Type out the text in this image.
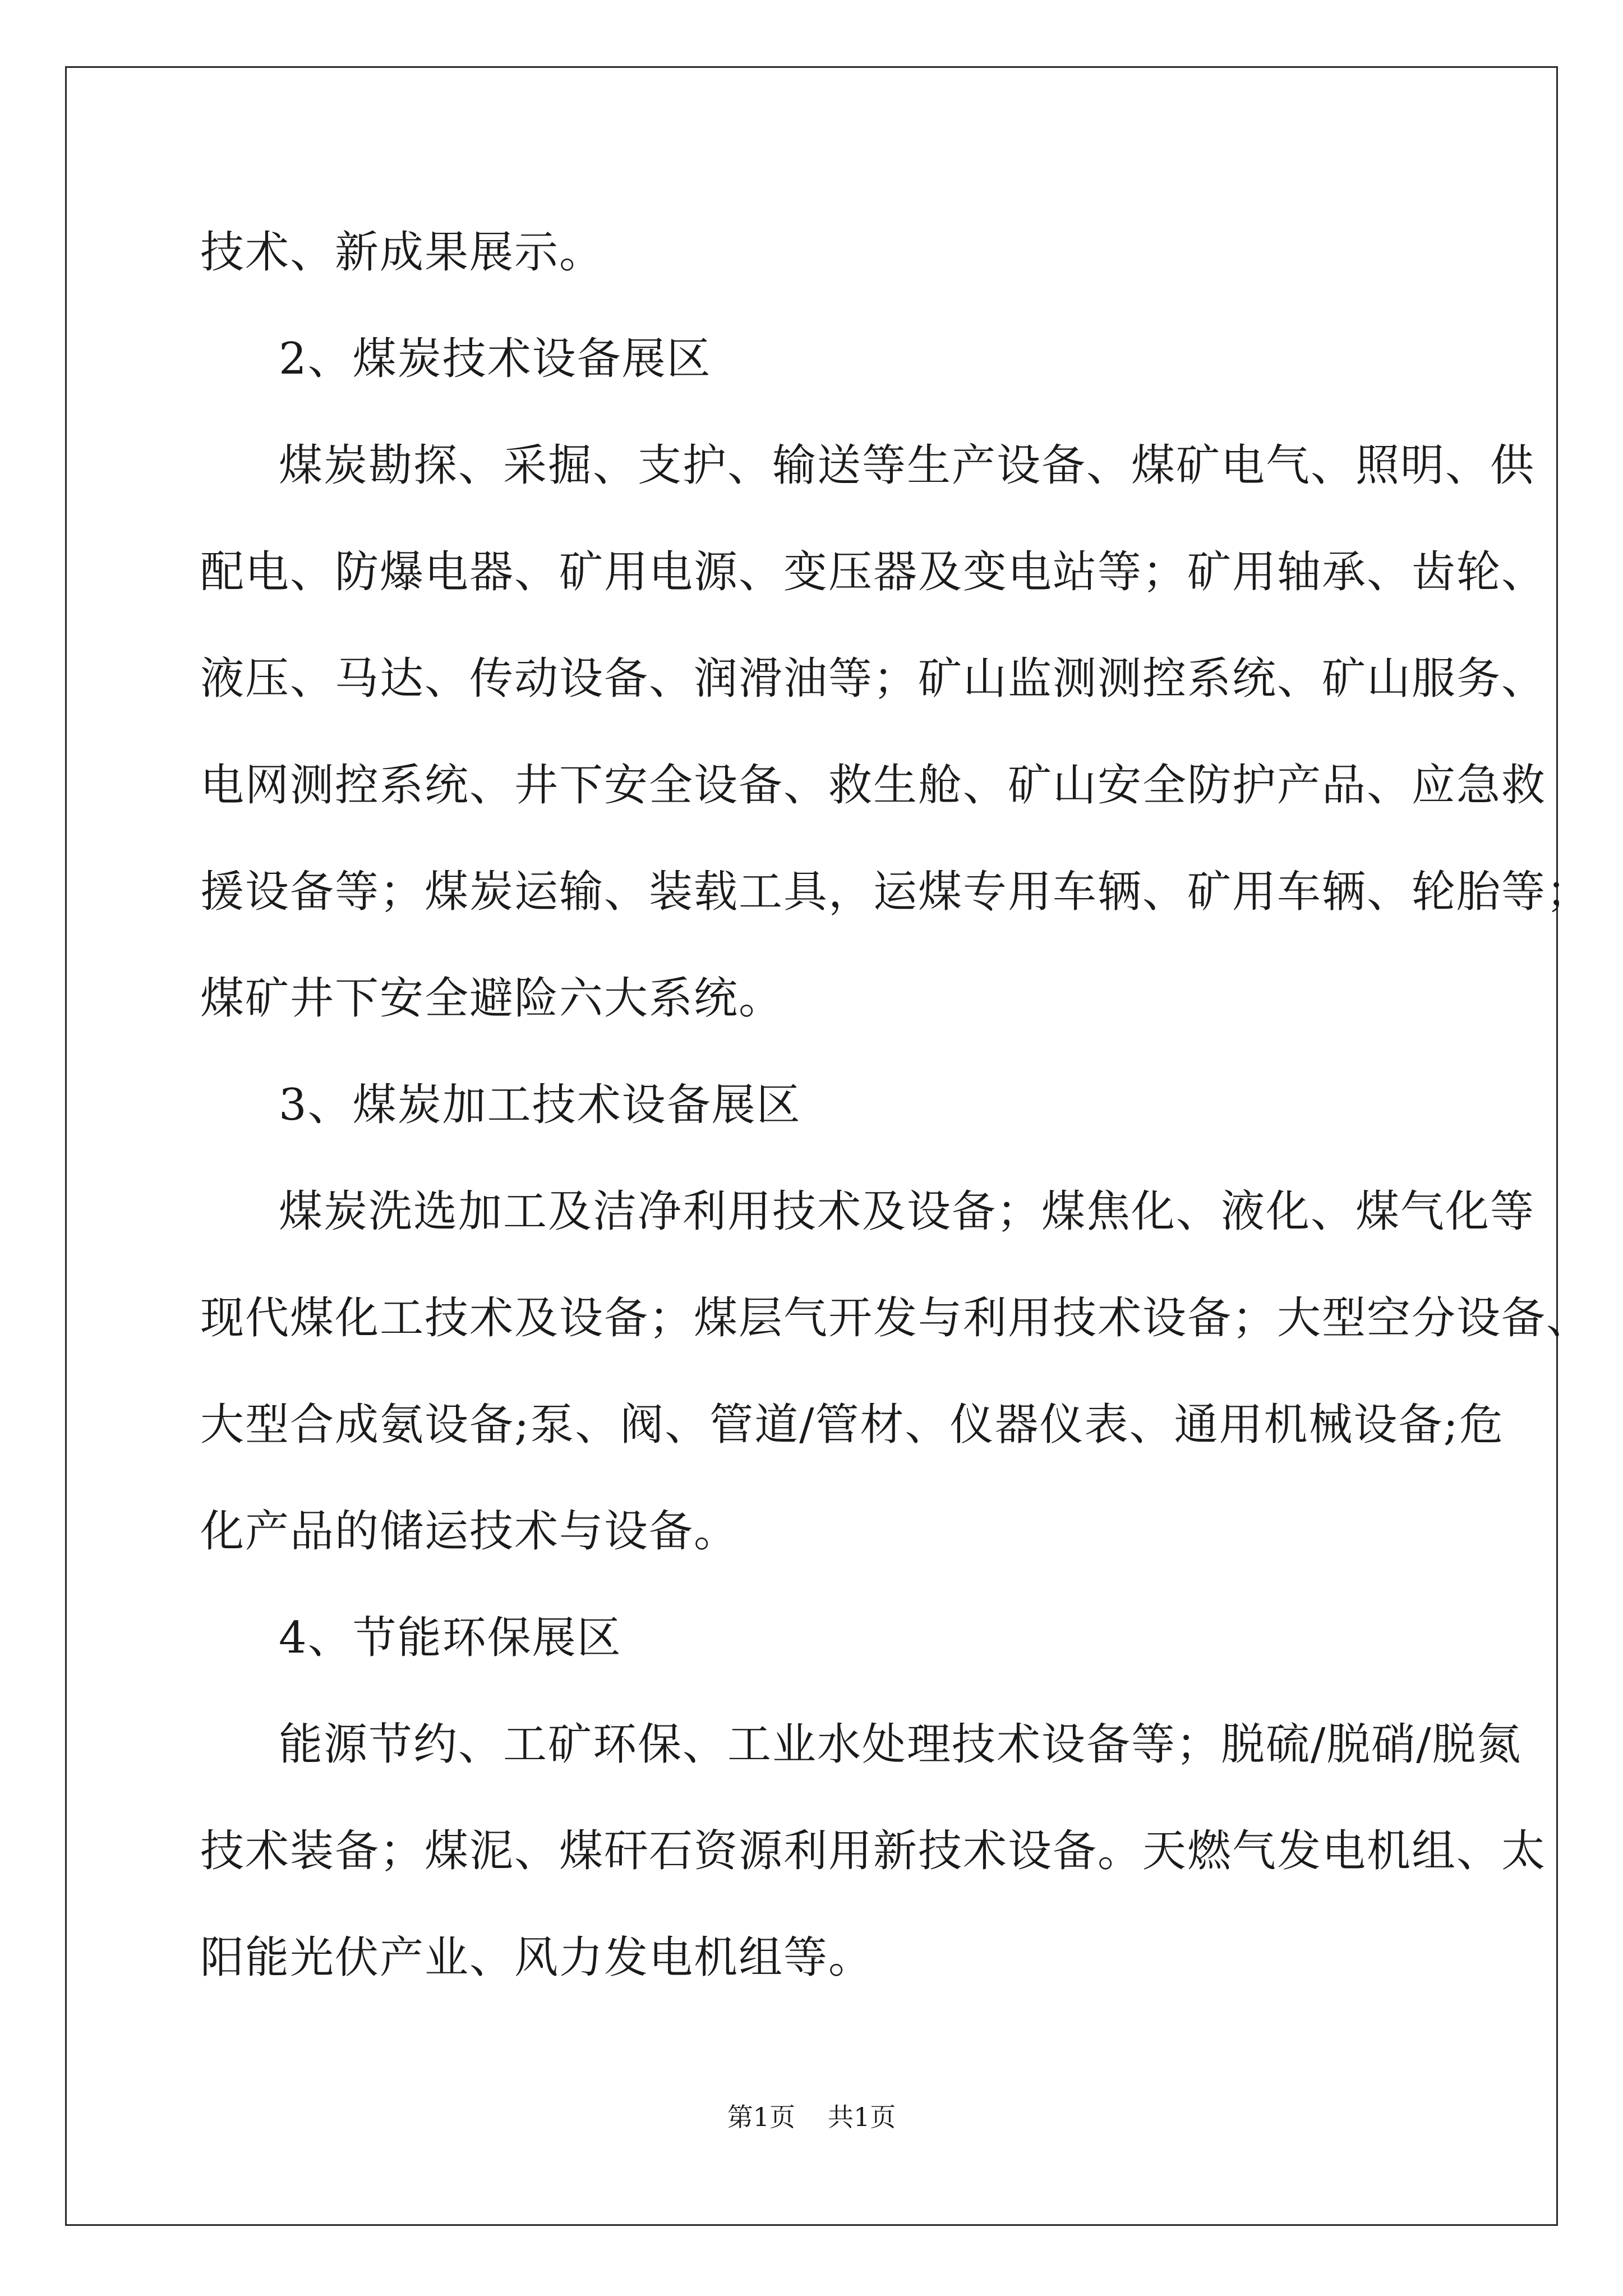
技术、新成果展示。
2、煤炭技术设备展区
煤炭勘探、采掘、支护、输送等生产设备、煤矿电气、照明、供
配电、防爆电器、矿用电源、变压器及变电站等；矿用轴承、齿轮、
液压、马达、传动设备、润滑油等；矿山监测测控系统、矿山服务、
电网测控系统、井下安全设备、救生舱、矿山安全防护产品、应急救
援设备等；煤炭运输、装载工具，运煤专用车辆、矿用车辆、轮胎等；
煤矿井下安全避险六大系统。
3、煤炭加工技术设备展区
煤炭洗选加工及洁净利用技术及设备；煤焦化、液化、煤气化等
现代煤化工技术及设备；煤层气开发与利用技术设备；大型空分设备、
大型合成氨设备;泵、阀、管道/管材、仪器仪表、通用机械设备;危
化产品的储运技术与设备。
4、节能环保展区
能源节约、工矿环保、工业水处理技术设备等；脱硫/脱硝/脱氮
技术装备；煤泥、煤矸石资源利用新技术设备。天燃气发电机组、太
阳能光伏产业、风力发电机组等。
第1页 共1页
